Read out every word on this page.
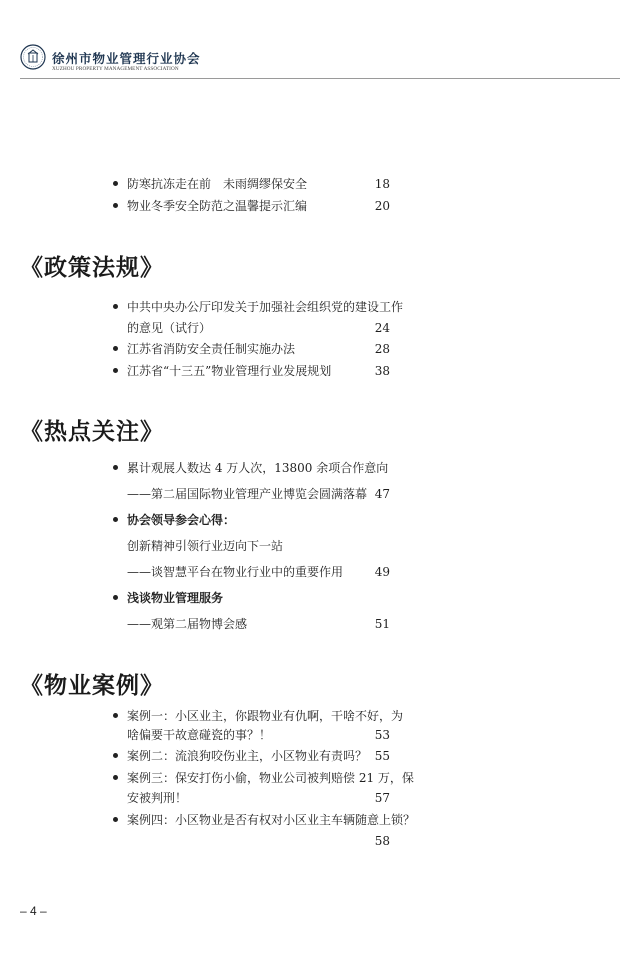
徐州市物业管理行业协会
XUZHOU PROPERTY MANAGEMENT ASSOCIATION
防寒抗冻走在前　未雨绸缪保安全	18
物业冬季安全防范之温馨提示汇编	20
《政策法规》
中共中央办公厅印发关于加强社会组织党的建设工作
的意见（试行）	24
江苏省消防安全责任制实施办法	28
江苏省“十三五”物业管理行业发展规划	38
《热点关注》
累计观展人数达 4 万人次，13800 余项合作意向
——第二届国际物业管理产业博览会圆满落幕 47
协会领导参会心得：
创新精神引领行业迈向下一站
——谈智慧平台在物业行业中的重要作用	49
浅谈物业管理服务
——观第二届物博会感	51
《物业案例》
案例一：小区业主，你跟物业有仇啊，干啥不好，为
啥偏要干故意碰瓷的事？！	53
案例二：流浪狗咬伤业主，小区物业有责吗？ 55
案例三：保安打伤小偷，物业公司被判赔偿 21 万，保
安被判刑！	57
案例四：小区物业是否有权对小区业主车辆随意上锁？
58
– 4 –
